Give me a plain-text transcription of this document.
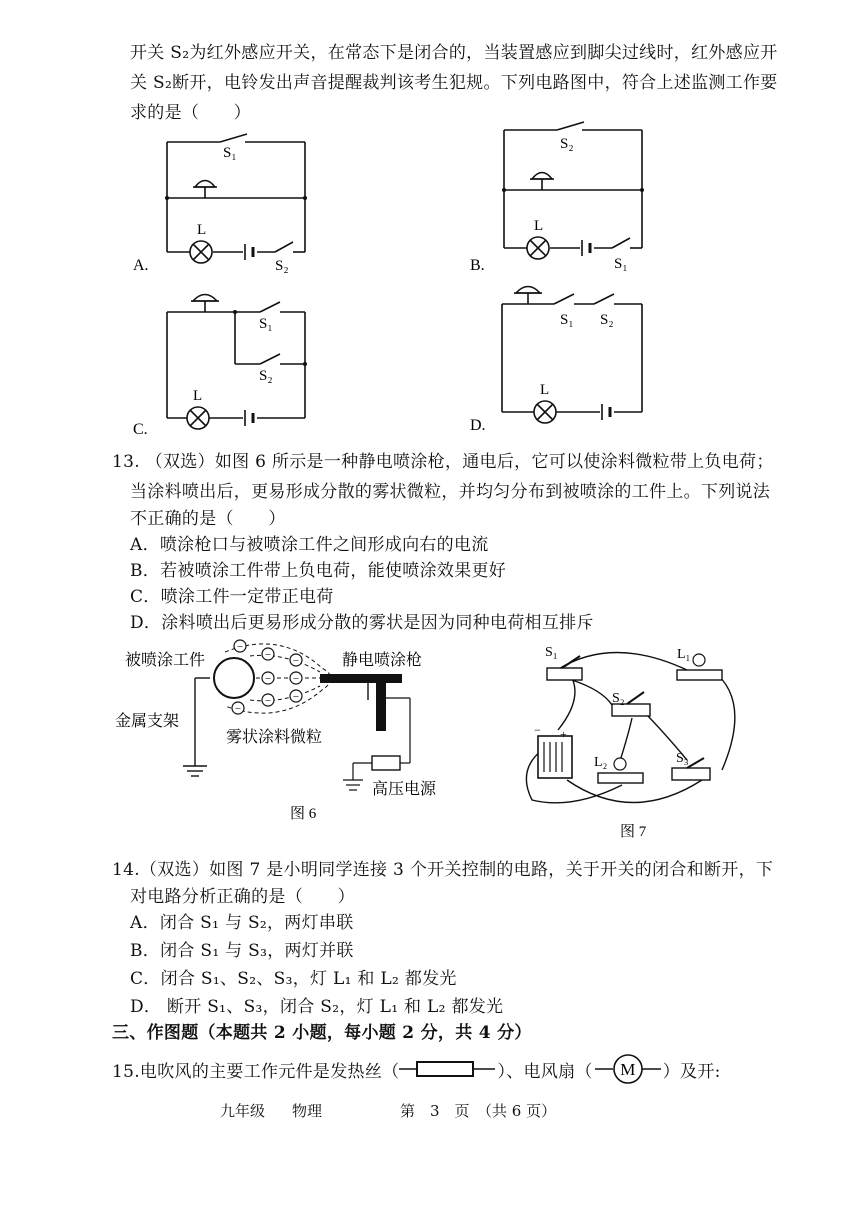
开关 S₂为红外感应开关，在常态下是闭合的，当装置感应到脚尖过线时，红外感应开
关 S₂断开，电铃发出声音提醒裁判该考生犯规。下列电路图中，符合上述监测工作要
求的是（　　）
S₁
L
S₂
A.
S₂
L
S₁
B.
S₁
S₂
L
C.
S₁ S₂
L
D.
13. （双选）如图 6 所示是一种静电喷涂枪，通电后，它可以使涂料微粒带上负电荷；
当涂料喷出后，更易形成分散的雾状微粒，并均匀分布到被喷涂的工件上。下列说法
不正确的是（　　）
A．喷涂枪口与被喷涂工件之间形成向右的电流
B．若被喷涂工件带上负电荷，能使喷涂效果更好
C．喷涂工件一定带正电荷
D．涂料喷出后更易形成分散的雾状是因为同种电荷相互排斥
−
− −
− −
− −
−
被喷涂工件	静电喷涂枪
金属支架
雾状涂料微粒
高压电源
图 6
S₁	L₁
S₂
L₂	S₃
− +
图 7
14.（双选）如图 7 是小明同学连接 3 个开关控制的电路，关于开关的闭合和断开，下
对电路分析正确的是（　　）
A．闭合 S₁ 与 S₂，两灯串联
B．闭合 S₁ 与 S₃，两灯并联
C．闭合 S₁、S₂、S₃，灯 L₁ 和 L₂ 都发光
D． 断开 S₁、S₃，闭合 S₂，灯 L₁ 和 L₂ 都发光
三、作图题（本题共 2 小题，每小题 2 分，共 4 分）
15.电吹风的主要工作元件是发热丝（	）、电风扇（ M ）及开:
九年级 物理	第　3　页　（共 6 页）
